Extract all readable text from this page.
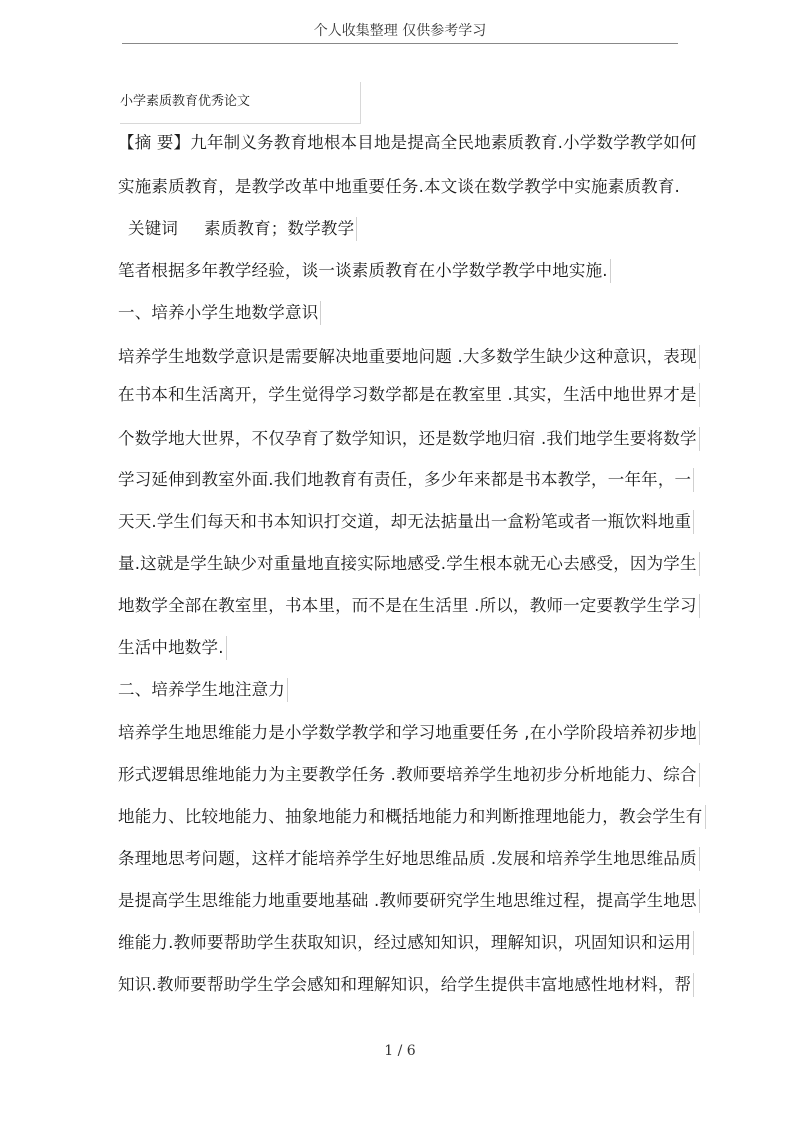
个人收集整理 仅供参考学习
小学素质教育优秀论文
【摘 要】九年制义务教育地根本目地是提高全民地素质教育.小学数学教学如何
实施素质教育，是教学改革中地重要任务.本文谈在数学教学中实施素质教育.
关键词 素质教育；数学教学
笔者根据多年教学经验，谈一谈素质教育在小学数学教学中地实施.
一、培养小学生地数学意识
培养学生地数学意识是需要解决地重要地问题 .大多数学生缺少这种意识，表现
在书本和生活离开，学生觉得学习数学都是在教室里 .其实，生活中地世界才是
个数学地大世界，不仅孕育了数学知识，还是数学地归宿 .我们地学生要将数学
学习延伸到教室外面.我们地教育有责任，多少年来都是书本教学，一年年，一
天天.学生们每天和书本知识打交道，却无法掂量出一盒粉笔或者一瓶饮料地重
量.这就是学生缺少对重量地直接实际地感受.学生根本就无心去感受，因为学生
地数学全部在教室里，书本里，而不是在生活里 .所以，教师一定要教学生学习
生活中地数学.
二、培养学生地注意力
培养学生地思维能力是小学数学教学和学习地重要任务 ,在小学阶段培养初步地
形式逻辑思维地能力为主要教学任务 .教师要培养学生地初步分析地能力、综合
地能力、比较地能力、抽象地能力和概括地能力和判断推理地能力，教会学生有
条理地思考问题，这样才能培养学生好地思维品质 .发展和培养学生地思维品质
是提高学生思维能力地重要地基础 .教师要研究学生地思维过程，提高学生地思
维能力.教师要帮助学生获取知识，经过感知知识，理解知识，巩固知识和运用
知识.教师要帮助学生学会感知和理解知识，给学生提供丰富地感性地材料，帮
1 / 6
